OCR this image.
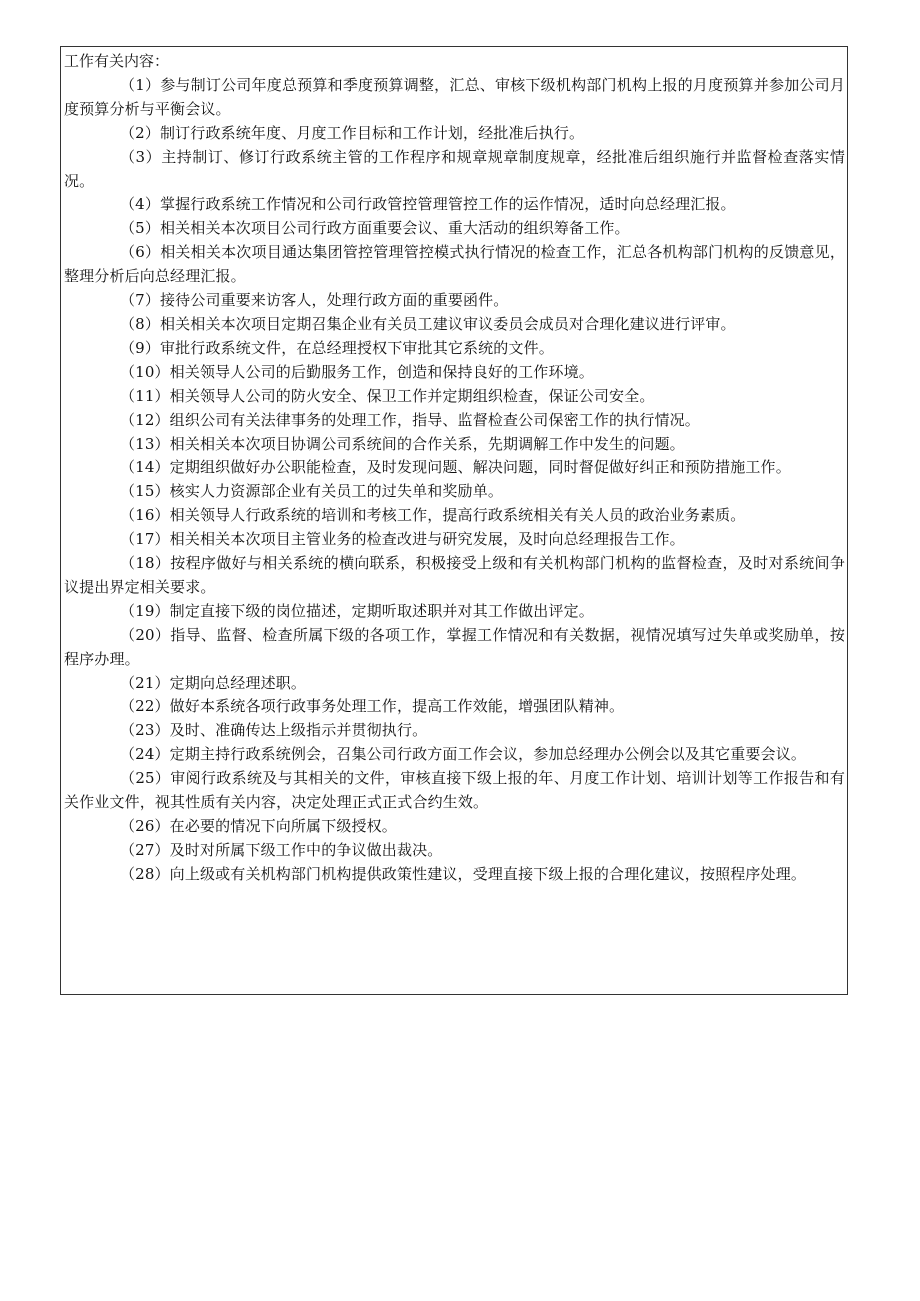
工作有关内容：

（1）参与制订公司年度总预算和季度预算调整，汇总、审核下级机构部门机构上报的月度预算并参加公司月度预算分析与平衡会议。

（2）制订行政系统年度、月度工作目标和工作计划，经批准后执行。

（3）主持制订、修订行政系统主管的工作程序和规章规章制度规章，经批准后组织施行并监督检查落实情况。

（4）掌握行政系统工作情况和公司行政管控管理管控工作的运作情况，适时向总经理汇报。

（5）相关相关本次项目公司行政方面重要会议、重大活动的组织筹备工作。

（6）相关相关本次项目通达集团管控管理管控模式执行情况的检查工作，汇总各机构部门机构的反馈意见，整理分析后向总经理汇报。

（7）接待公司重要来访客人，处理行政方面的重要函件。

（8）相关相关本次项目定期召集企业有关员工建议审议委员会成员对合理化建议进行评审。

（9）审批行政系统文件，在总经理授权下审批其它系统的文件。

（10）相关领导人公司的后勤服务工作，创造和保持良好的工作环境。

（11）相关领导人公司的防火安全、保卫工作并定期组织检查，保证公司安全。

（12）组织公司有关法律事务的处理工作，指导、监督检查公司保密工作的执行情况。

（13）相关相关本次项目协调公司系统间的合作关系，先期调解工作中发生的问题。

（14）定期组织做好办公职能检查，及时发现问题、解决问题，同时督促做好纠正和预防措施工作。

（15）核实人力资源部企业有关员工的过失单和奖励单。

（16）相关领导人行政系统的培训和考核工作，提高行政系统相关有关人员的政治业务素质。

（17）相关相关本次项目主管业务的检查改进与研究发展，及时向总经理报告工作。

（18）按程序做好与相关系统的横向联系，积极接受上级和有关机构部门机构的监督检查，及时对系统间争议提出界定相关要求。

（19）制定直接下级的岗位描述，定期听取述职并对其工作做出评定。

（20）指导、监督、检查所属下级的各项工作，掌握工作情况和有关数据，视情况填写过失单或奖励单，按程序办理。

（21）定期向总经理述职。

（22）做好本系统各项行政事务处理工作，提高工作效能，增强团队精神。

（23）及时、准确传达上级指示并贯彻执行。

（24）定期主持行政系统例会，召集公司行政方面工作会议，参加总经理办公例会以及其它重要会议。

（25）审阅行政系统及与其相关的文件，审核直接下级上报的年、月度工作计划、培训计划等工作报告和有关作业文件，视其性质有关内容，决定处理正式正式合约生效。

（26）在必要的情况下向所属下级授权。

（27）及时对所属下级工作中的争议做出裁决。

（28）向上级或有关机构部门机构提供政策性建议，受理直接下级上报的合理化建议，按照程序处理。
